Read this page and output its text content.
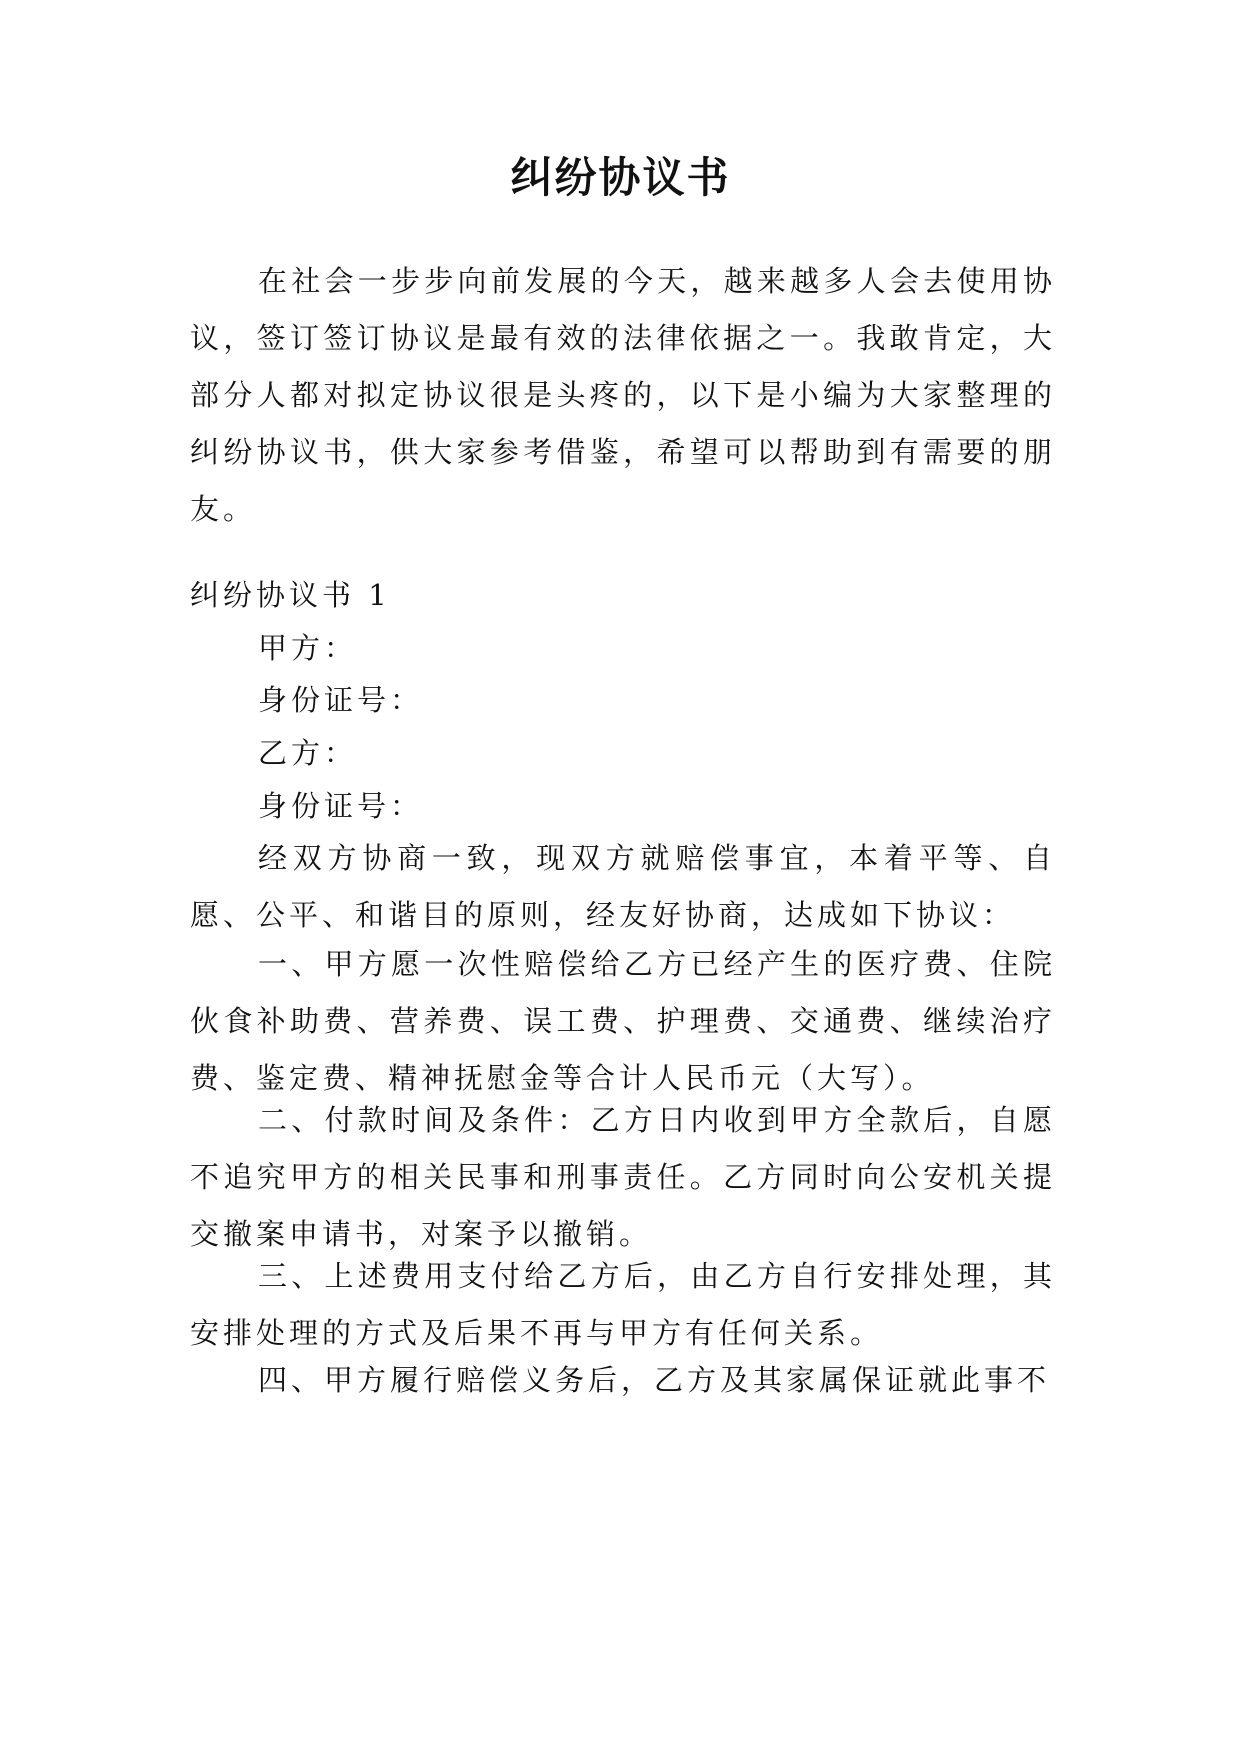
纠纷协议书

在社会一步步向前发展的今天，越来越多人会去使用协议，签订签订协议是最有效的法律依据之一。我敢肯定，大部分人都对拟定协议很是头疼的，以下是小编为大家整理的纠纷协议书，供大家参考借鉴，希望可以帮助到有需要的朋友。

纠纷协议书 1

甲方：

身份证号：

乙方：

身份证号：

经双方协商一致，现双方就赔偿事宜，本着平等、自愿、公平、和谐目的原则，经友好协商，达成如下协议：

一、甲方愿一次性赔偿给乙方已经产生的医疗费、住院伙食补助费、营养费、误工费、护理费、交通费、继续治疗费、鉴定费、精神抚慰金等合计人民币元（大写）。

二、付款时间及条件：乙方日内收到甲方全款后，自愿不追究甲方的相关民事和刑事责任。乙方同时向公安机关提交撤案申请书，对案予以撤销。

三、上述费用支付给乙方后，由乙方自行安排处理，其安排处理的方式及后果不再与甲方有任何关系。

四、甲方履行赔偿义务后，乙方及其家属保证就此事不
